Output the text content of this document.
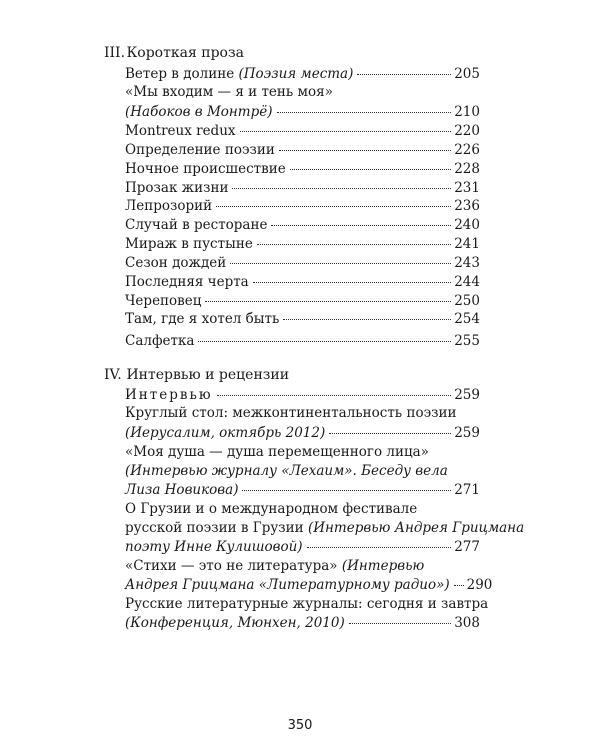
III. Короткая проза
Ветер в долине (Поэзия места)	205
«Мы входим — я и тень моя»
(Набоков в Монтрё)	210
Montreux redux	220
Определение поэзии	226
Ночное происшествие	228
Прозак жизни	231
Лепрозорий	236
Случай в ресторане	240
Мираж в пустыне	241
Сезон дождей	243
Последняя черта	244
Череповец	250
Там, где я хотел быть	254
Салфетка	255
IV. Интервью и рецензии
Интервью	259
Круглый стол: межконтинентальность поэзии
(Иерусалим, октябрь 2012)	259
«Моя душа — душа перемещенного лица»
(Интервью журналу «Лехаим». Беседу вела
Лиза Новикова)	271
О Грузии и о международном фестивале
русской поэзии в Грузии (Интервью Андрея Грицмана
поэту Инне Кулишовой)	277
«Стихи — это не литература» (Интервью
Андрея Грицмана «Литературному радио») 290
Русские литературные журналы: сегодня и завтра
(Конференция, Мюнхен, 2010)	308
350
